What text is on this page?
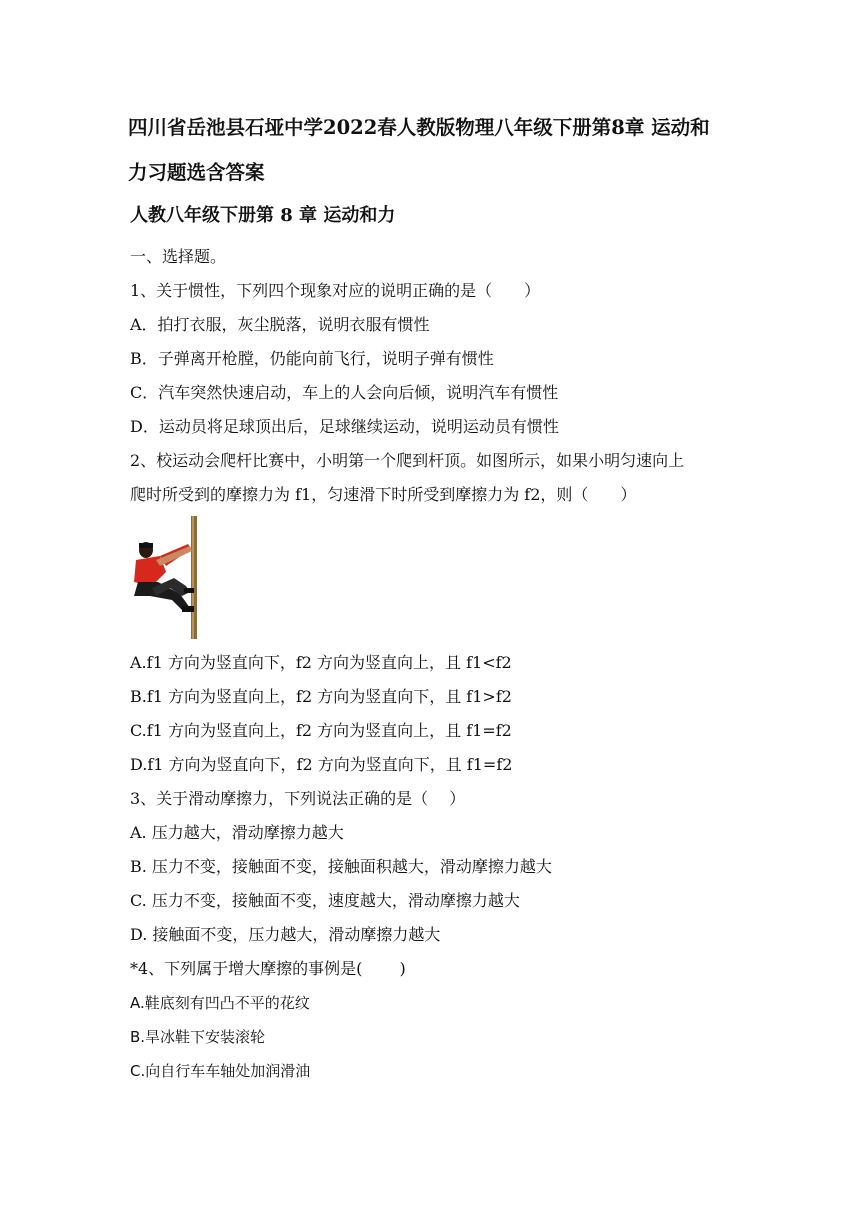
四川省岳池县石垭中学2022春人教版物理八年级下册第8章 运动和
力习题选含答案
人教八年级下册第 8 章 运动和力
一、选择题。
1、关于惯性，下列四个现象对应的说明正确的是（　　）
A．拍打衣服，灰尘脱落，说明衣服有惯性
B．子弹离开枪膛，仍能向前飞行，说明子弹有惯性
C．汽车突然快速启动，车上的人会向后倾，说明汽车有惯性
D．运动员将足球顶出后，足球继续运动，说明运动员有惯性
2、校运动会爬杆比赛中，小明第一个爬到杆顶。如图所示，如果小明匀速向上
爬时所受到的摩擦力为 f1，匀速滑下时所受到摩擦力为 f2，则（　　）
A.f1 方向为竖直向下，f2 方向为竖直向上，且 f1<f2
B.f1 方向为竖直向上，f2 方向为竖直向下，且 f1>f2
C.f1 方向为竖直向上，f2 方向为竖直向上，且 f1=f2
D.f1 方向为竖直向下，f2 方向为竖直向下，且 f1=f2
3、关于滑动摩擦力，下列说法正确的是（　 ）
A. 压力越大，滑动摩擦力越大
B. 压力不变，接触面不变，接触面积越大，滑动摩擦力越大
C. 压力不变，接触面不变，速度越大，滑动摩擦力越大
D. 接触面不变，压力越大，滑动摩擦力越大
*4、下列属于增大摩擦的事例是(　　 )
A.鞋底刻有凹凸不平的花纹
B.旱冰鞋下安装滚轮
C.向自行车车轴处加润滑油
